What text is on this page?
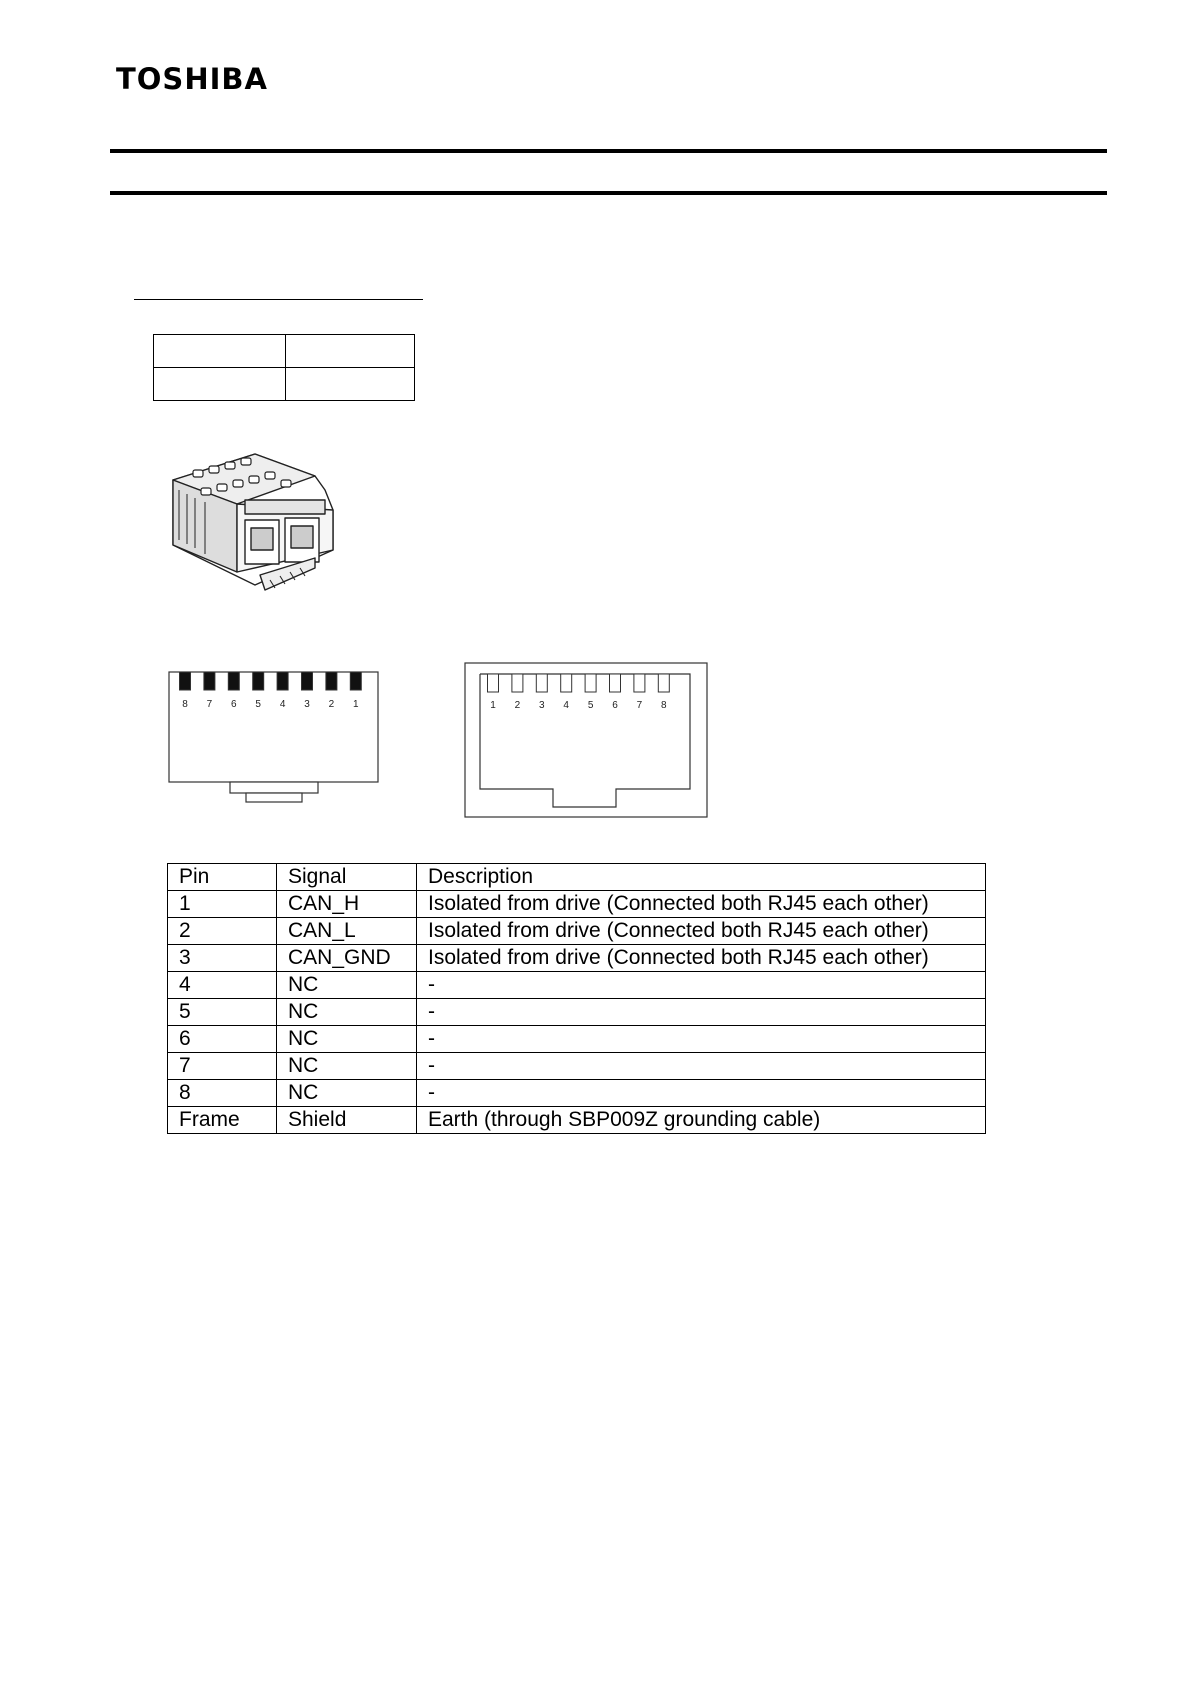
TOSHIBA

8 7 6 5 4 3 2 1	1 2 3 4 5 6 7 8
Pin	Signal	Description
1	CAN_H	Isolated from drive (Connected both RJ45 each other)
2	CAN_L	Isolated from drive (Connected both RJ45 each other)
3	CAN_GND	Isolated from drive (Connected both RJ45 each other)
4	NC	-
5	NC	-
6	NC	-
7	NC	-
8	NC	-
Frame	Shield	Earth (through SBP009Z grounding cable)
